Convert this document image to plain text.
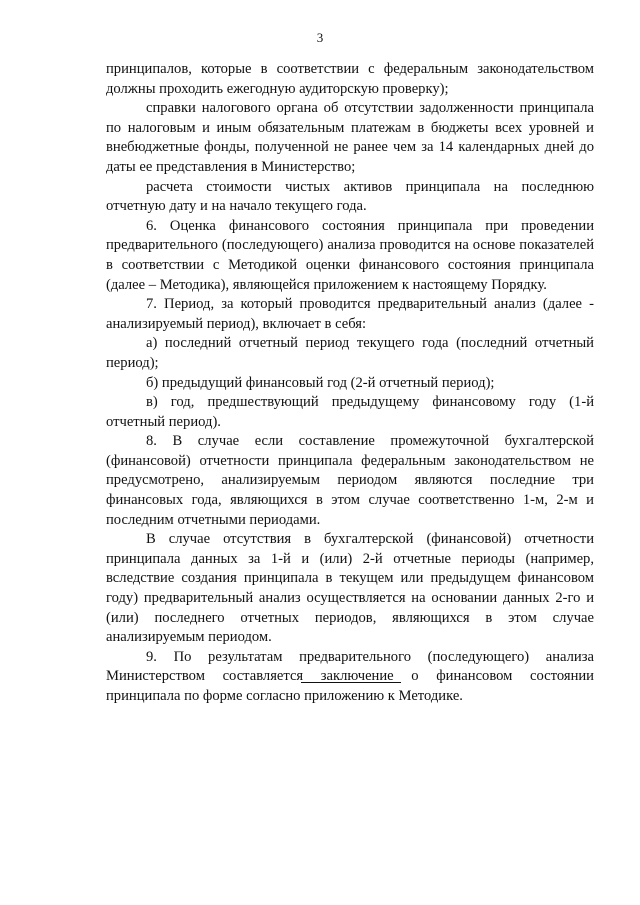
3

принципалов, которые в соответствии с федеральным законодательством должны проходить ежегодную аудиторскую проверку);

справки налогового органа об отсутствии задолженности принципала по налоговым и иным обязательным платежам в бюджеты всех уровней и внебюджетные фонды, полученной не ранее чем за 14 календарных дней до даты ее представления в Министерство;

расчета стоимости чистых активов принципала на последнюю отчетную дату и на начало текущего года.

6. Оценка финансового состояния принципала при проведении предварительного (последующего) анализа проводится на основе показателей в соответствии с Методикой оценки финансового состояния принципала (далее – Методика), являющейся приложением к настоящему Порядку.

7. Период, за который проводится предварительный анализ (далее - анализируемый период), включает в себя:

а) последний отчетный период текущего года (последний отчетный период);

б) предыдущий финансовый год (2-й отчетный период);

в) год, предшествующий предыдущему финансовому году (1-й отчетный период).

8. В случае если составление промежуточной бухгалтерской (финансовой) отчетности принципала федеральным законодательством не предусмотрено, анализируемым периодом являются последние три финансовых года, являющихся в этом случае соответственно 1-м, 2-м и последним отчетными периодами.

В случае отсутствия в бухгалтерской (финансовой) отчетности принципала данных за 1-й и (или) 2-й отчетные периоды (например, вследствие создания принципала в текущем или предыдущем финансовом году) предварительный анализ осуществляется на основании данных 2-го и (или) последнего отчетных периодов, являющихся в этом случае анализируемым периодом.

9. По результатам предварительного (последующего) анализа Министерством составляется заключение о финансовом состоянии принципала по форме согласно приложению к Методике.
